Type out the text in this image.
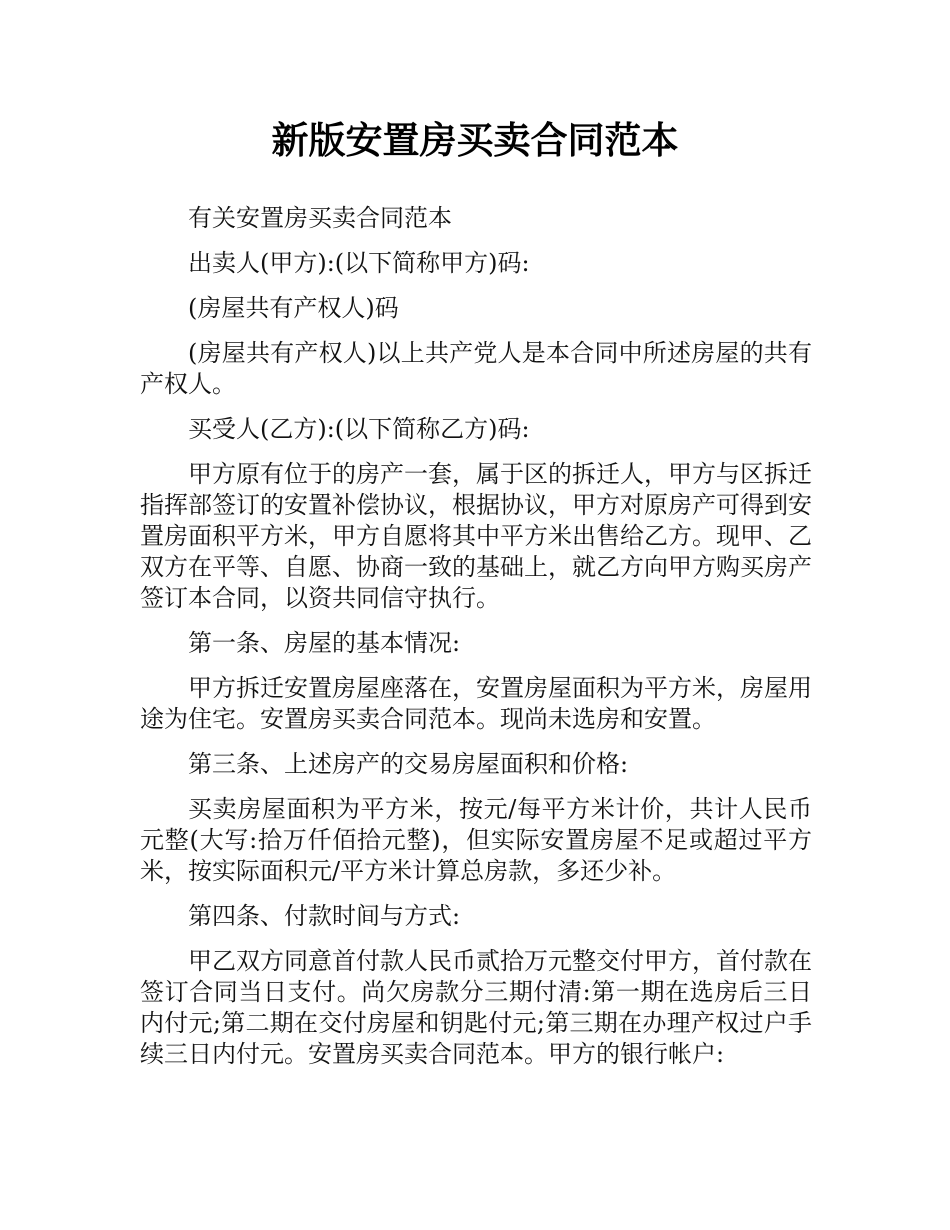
新版安置房买卖合同范本

有关安置房买卖合同范本

出卖人(甲方):(以下简称甲方)码:

(房屋共有产权人)码

(房屋共有产权人)以上共产党人是本合同中所述房屋的共有产权人。

买受人(乙方):(以下简称乙方)码:

甲方原有位于的房产一套，属于区的拆迁人，甲方与区拆迁指挥部签订的安置补偿协议，根据协议，甲方对原房产可得到安置房面积平方米，甲方自愿将其中平方米出售给乙方。现甲、乙双方在平等、自愿、协商一致的基础上，就乙方向甲方购买房产签订本合同，以资共同信守执行。

第一条、房屋的基本情况:

甲方拆迁安置房屋座落在，安置房屋面积为平方米，房屋用途为住宅。安置房买卖合同范本。现尚未选房和安置。

第三条、上述房产的交易房屋面积和价格:

买卖房屋面积为平方米，按元/每平方米计价，共计人民币元整(大写:拾万仟佰拾元整)，但实际安置房屋不足或超过平方米，按实际面积元/平方米计算总房款，多还少补。

第四条、付款时间与方式:

甲乙双方同意首付款人民币贰拾万元整交付甲方，首付款在签订合同当日支付。尚欠房款分三期付清:第一期在选房后三日内付元;第二期在交付房屋和钥匙付元;第三期在办理产权过户手续三日内付元。安置房买卖合同范本。甲方的银行帐户:
